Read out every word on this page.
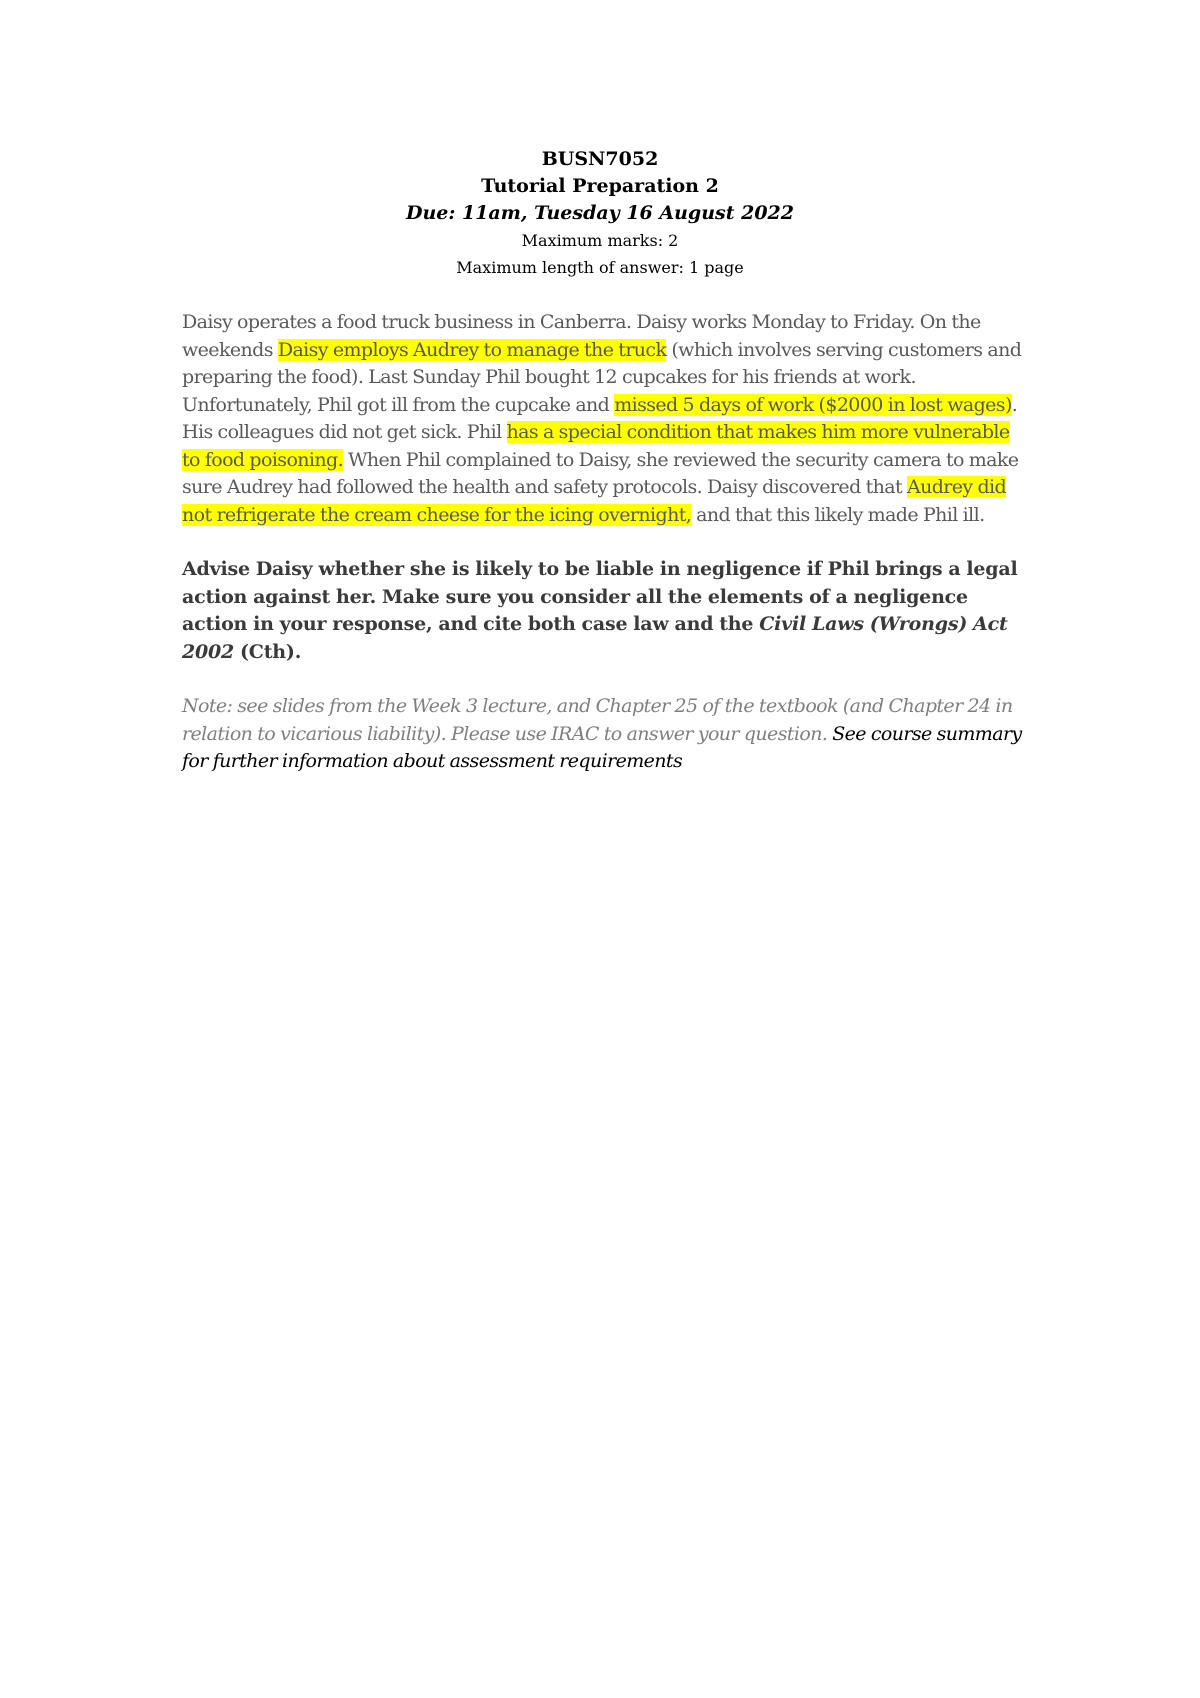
BUSN7052
Tutorial Preparation 2
Due: 11am, Tuesday 16 August 2022
Maximum marks: 2
Maximum length of answer: 1 page

Daisy operates a food truck business in Canberra. Daisy works Monday to Friday. On the weekends Daisy employs Audrey to manage the truck (which involves serving customers and preparing the food). Last Sunday Phil bought 12 cupcakes for his friends at work. Unfortunately, Phil got ill from the cupcake and missed 5 days of work ($2000 in lost wages). His colleagues did not get sick. Phil has a special condition that makes him more vulnerable to food poisoning. When Phil complained to Daisy, she reviewed the security camera to make sure Audrey had followed the health and safety protocols. Daisy discovered that Audrey did not refrigerate the cream cheese for the icing overnight, and that this likely made Phil ill.

Advise Daisy whether she is likely to be liable in negligence if Phil brings a legal action against her. Make sure you consider all the elements of a negligence action in your response, and cite both case law and the Civil Laws (Wrongs) Act 2002 (Cth).

Note: see slides from the Week 3 lecture, and Chapter 25 of the textbook (and Chapter 24 in relation to vicarious liability). Please use IRAC to answer your question. See course summary for further information about assessment requirements
